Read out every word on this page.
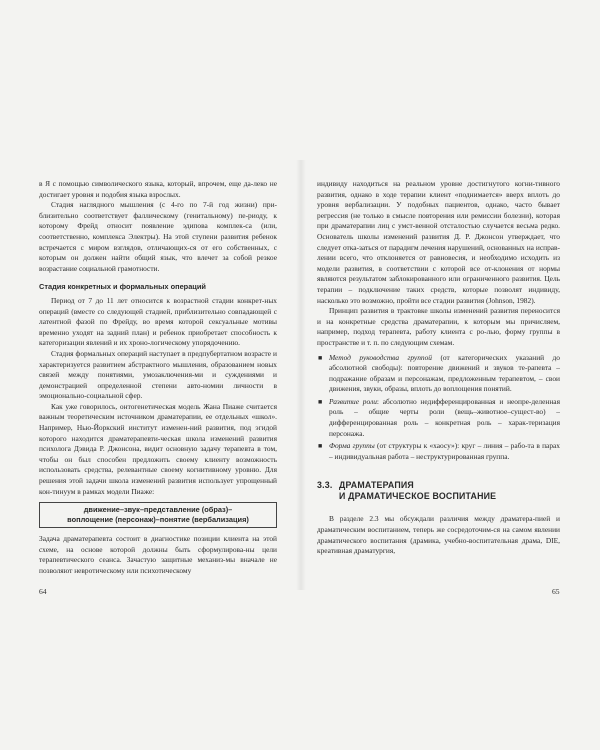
в Я с помощью символического языка, который, впрочем, еще да-леко не достигает уровня и подобия языка взрослых.

Стадия наглядного мышления (с 4-го по 7-й год жизни) при-близительно соответствует фаллическому (генитальному) пе-риоду, к которому Фрейд относит появление эдипова комплек-са (или, соответственно, комплекса Электры). На этой ступени развития ребенок встречается с миром взглядов, отличающих-ся от его собственных, с которым он должен найти общий язык, что влечет за собой резкое возрастание социальной грамотности.

Стадия конкретных и формальных операций

Период от 7 до 11 лет относится к возрастной стадии конкрет-ных операций (вместе со следующей стадией, приблизительно совпадающей с латентной фазой по Фрейду, во время которой сексуальные мотивы временно уходят на задний план) и ребенок приобретает способность к категоризации явлений и их хроно-логическому упорядочению.

Стадия формальных операций наступает в предпубертатном возрасте и характеризуется развитием абстрактного мышления, образованием новых связей между понятиями, умозаключения-ми и суждениями и демонстрацией определенной степени авто-номии личности в эмоционально-социальной сфер.

Как уже говорилось, онтогенетическая модель Жана Пиаже считается важным теоретическим источником драматерапии, ее отдельных «школ». Например, Нью-Йоркский институт изменен-ний развития, под эгидой которого находится драматерапевти-ческая школа изменений развития психолога Дэвида Р. Джонсона, видит основную задачу терапевта в том, чтобы он был способен предложить своему клиенту возможность использовать средства, релевантные своему когнитивному уровню. Для решения этой задачи школа изменений развития использует упрощенный кон-тинуум в рамках модели Пиаже:

движение–звук–представление (образ)–
воплощение (персонаж)–понятие (вербализация)

Задача драматерапевта состоит в диагностике позиции клиента на этой схеме, на основе которой должны быть сформулирова-ны цели терапевтического сеанса. Зачастую защитные механиз-мы вначале не позволяют невротическому или психотическому

64

индивиду находиться на реальном уровне достигнутого когни-тивного развития, однако в ходе терапии клиент «поднимается» вверх вплоть до уровня вербализации. У подобных пациентов, однако, часто бывает регрессия (не только в смысле повторения или ремиссии болезни), которая при драматерапии лиц с умст-венной отсталостью случается весьма редко. Основатель школы изменений развития Д. Р. Джонсон утверждает, что следует отка-заться от парадигм лечения нарушений, основанных на исправ-лении всего, что отклоняется от равновесия, и необходимо исходить из модели развития, в соответствии с которой все от-клонения от нормы являются результатом заблокированного или ограниченного развития. Цель терапии – подключение таких средств, которые позволят индивиду, насколько это возможно, пройти все стадии развития (Johnson, 1982).

Принцип развития в трактовке школы изменений развития переносится и на конкретные средства драматерапии, к которым мы причисляем, например, подход терапевта, работу клиента с ро-лью, форму группы в пространстве и т. п. по следующим схемам.

■ Метод руководства группой (от категорических указаний до абсолютной свободы): повторение движений и звуков те-рапевта – подражание образам и персонажам, предложенным терапевтом, – свои движения, звуки, образы, вплоть до воплощения понятий.
■ Развитие роли: абсолютно недифференцированная и неопре-деленная роль – общие черты роли (вещь–животное–сущест-во) – дифференцированная роль – конкретная роль – харак-теризация персонажа.
■ Форма группы (от структуры к «хаосу»): круг – линия – рабо-та в парах – индивидуальная работа – неструктурированная группа.
3.3. ДРАМАТЕРАПИЯ
И ДРАМАТИЧЕСКОЕ ВОСПИТАНИЕ

В разделе 2.3 мы обсуждали различия между драматера-пией и драматическим воспитанием, теперь же сосредоточим-ся на самом явлении драматического воспитания (драмика, учебно-воспитательная драма, DIE, креативная драматургия,

65
